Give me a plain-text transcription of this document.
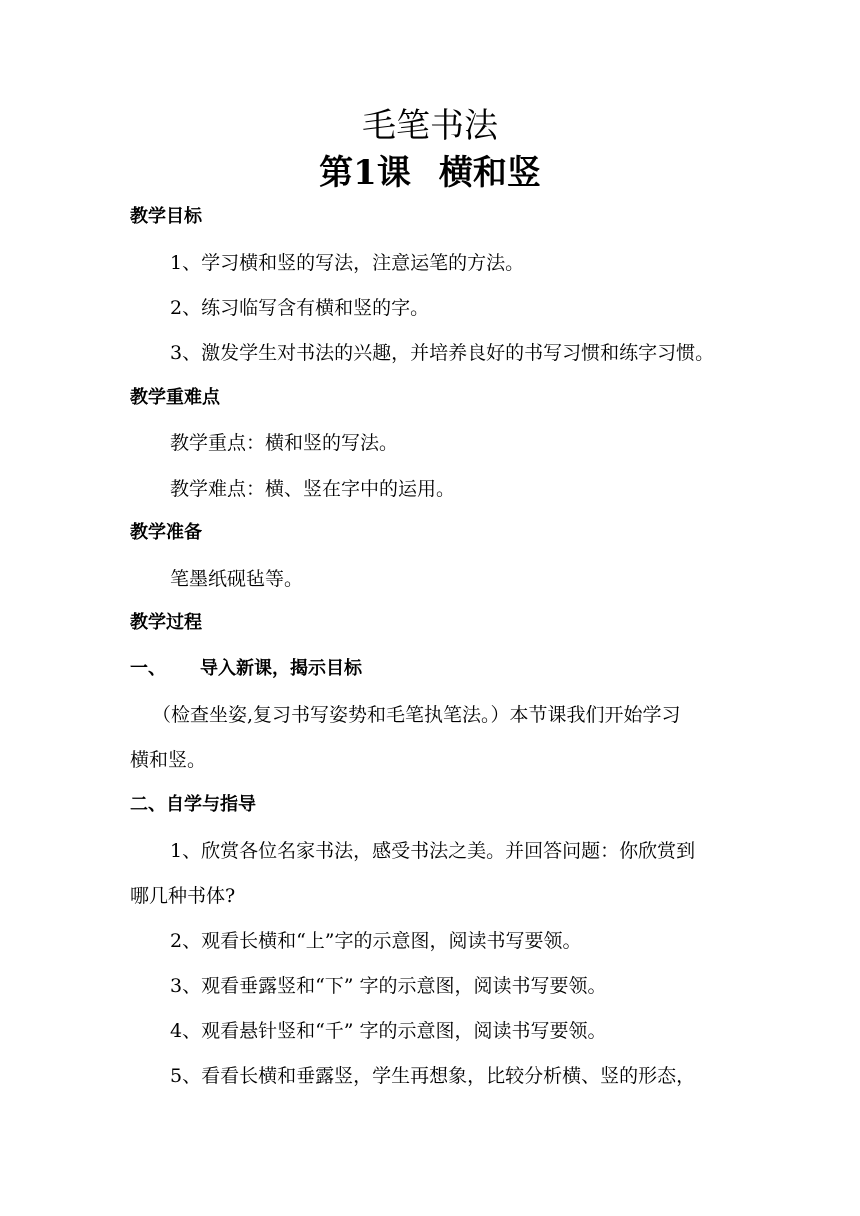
毛笔书法
第1课 横和竖
教学目标
1、学习横和竖的写法，注意运笔的方法。
2、练习临写含有横和竖的字。
3、激发学生对书法的兴趣，并培养良好的书写习惯和练字习惯。
教学重难点
教学重点：横和竖的写法。
教学难点：横、竖在字中的运用。
教学准备
笔墨纸砚毡等。
教学过程
一、 导入新课，揭示目标
（检查坐姿,复习书写姿势和毛笔执笔法。）本节课我们开始学习
横和竖。
二、自学与指导
1、欣赏各位名家书法，感受书法之美。并回答问题：你欣赏到
哪几种书体?
2、观看长横和“上”字的示意图，阅读书写要领。
3、观看垂露竖和“下” 字的示意图，阅读书写要领。
4、观看悬针竖和“千” 字的示意图，阅读书写要领。
5、看看长横和垂露竖，学生再想象，比较分析横、竖的形态，
